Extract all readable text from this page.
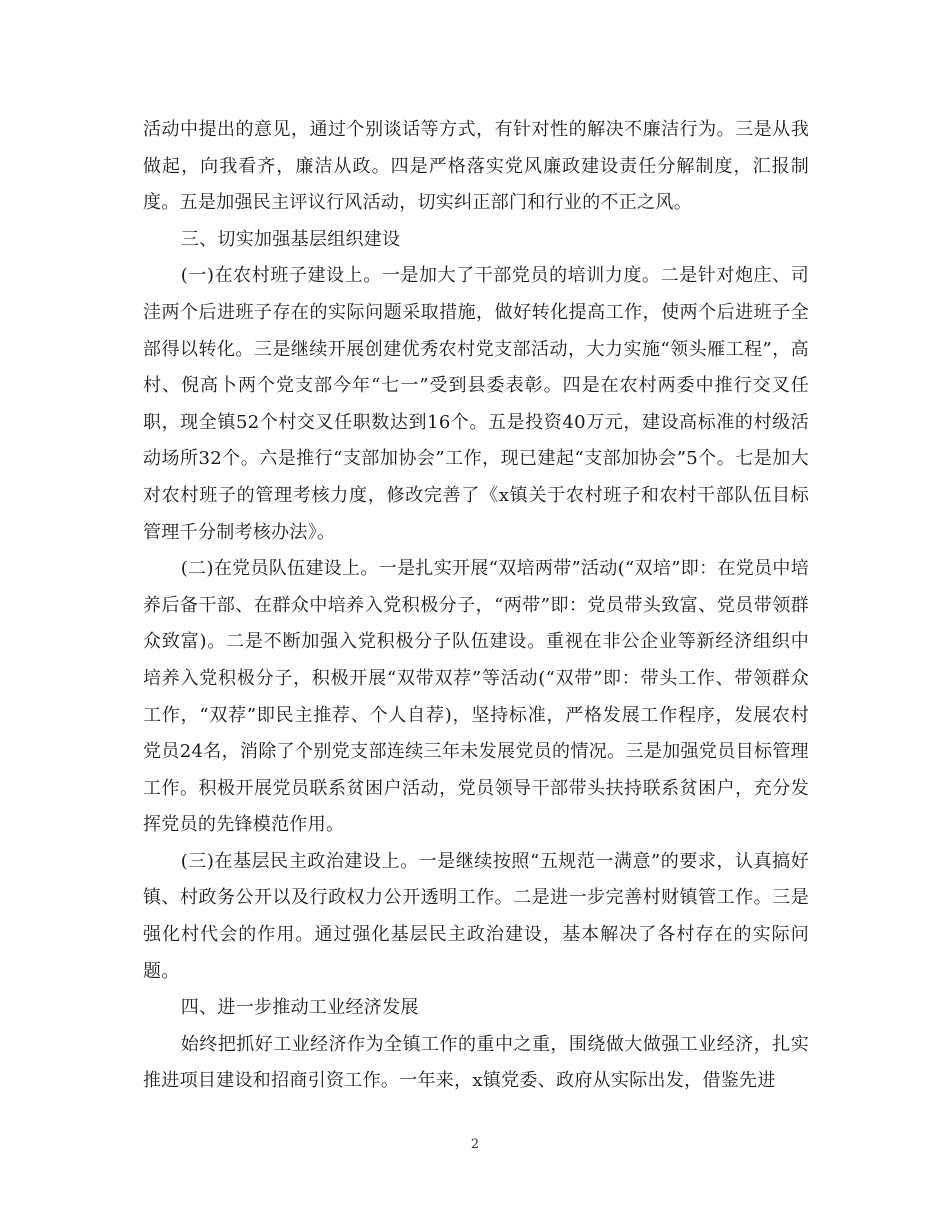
活动中提出的意见，通过个别谈话等方式，有针对性的解决不廉洁行为。三是从我做起，向我看齐，廉洁从政。四是严格落实党风廉政建设责任分解制度，汇报制度。五是加强民主评议行风活动，切实纠正部门和行业的不正之风。

三、切实加强基层组织建设

(一)在农村班子建设上。一是加大了干部党员的培训力度。二是针对炮庄、司洼两个后进班子存在的实际问题采取措施，做好转化提高工作，使两个后进班子全部得以转化。三是继续开展创建优秀农村党支部活动，大力实施“领头雁工程”，高村、倪高卜两个党支部今年“七一”受到县委表彰。四是在农村两委中推行交叉任职，现全镇52个村交叉任职数达到16个。五是投资40万元，建设高标准的村级活动场所32个。六是推行“支部加协会”工作，现已建起“支部加协会”5个。七是加大对农村班子的管理考核力度，修改完善了《x镇关于农村班子和农村干部队伍目标管理千分制考核办法》。

(二)在党员队伍建设上。一是扎实开展“双培两带”活动(“双培”即：在党员中培养后备干部、在群众中培养入党积极分子，“两带”即：党员带头致富、党员带领群众致富)。二是不断加强入党积极分子队伍建设。重视在非公企业等新经济组织中培养入党积极分子，积极开展“双带双荐”等活动(“双带”即：带头工作、带领群众工作，“双荐”即民主推荐、个人自荐)，坚持标准，严格发展工作程序，发展农村党员24名，消除了个别党支部连续三年未发展党员的情况。三是加强党员目标管理工作。积极开展党员联系贫困户活动，党员领导干部带头扶持联系贫困户，充分发挥党员的先锋模范作用。

(三)在基层民主政治建设上。一是继续按照“五规范一满意”的要求，认真搞好镇、村政务公开以及行政权力公开透明工作。二是进一步完善村财镇管工作。三是强化村代会的作用。通过强化基层民主政治建设，基本解决了各村存在的实际问题。

四、进一步推动工业经济发展

始终把抓好工业经济作为全镇工作的重中之重，围绕做大做强工业经济，扎实推进项目建设和招商引资工作。一年来，x镇党委、政府从实际出发，借鉴先进

2
